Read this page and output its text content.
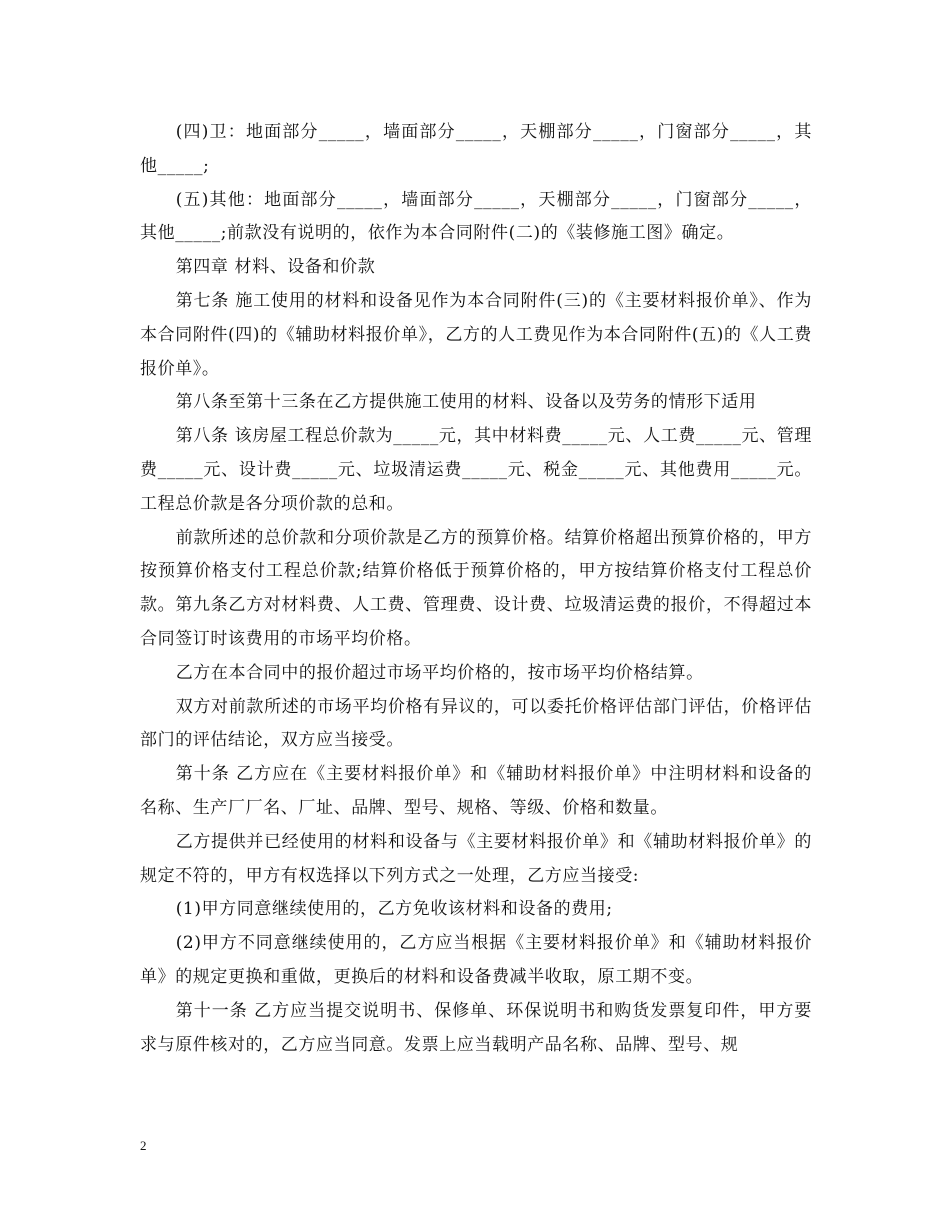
(四)卫：地面部分_____，墙面部分_____，天棚部分_____，门窗部分_____，其他_____;

(五)其他：地面部分_____，墙面部分_____，天棚部分_____，门窗部分_____，其他_____;前款没有说明的，依作为本合同附件(二)的《装修施工图》确定。

第四章 材料、设备和价款

第七条 施工使用的材料和设备见作为本合同附件(三)的《主要材料报价单》、作为本合同附件(四)的《辅助材料报价单》，乙方的人工费见作为本合同附件(五)的《人工费报价单》。

第八条至第十三条在乙方提供施工使用的材料、设备以及劳务的情形下适用

第八条 该房屋工程总价款为_____元，其中材料费_____元、人工费_____元、管理费_____元、设计费_____元、垃圾清运费_____元、税金_____元、其他费用_____元。工程总价款是各分项价款的总和。

前款所述的总价款和分项价款是乙方的预算价格。结算价格超出预算价格的，甲方按预算价格支付工程总价款;结算价格低于预算价格的，甲方按结算价格支付工程总价款。第九条乙方对材料费、人工费、管理费、设计费、垃圾清运费的报价，不得超过本合同签订时该费用的市场平均价格。

乙方在本合同中的报价超过市场平均价格的，按市场平均价格结算。

双方对前款所述的市场平均价格有异议的，可以委托价格评估部门评估，价格评估部门的评估结论，双方应当接受。

第十条 乙方应在《主要材料报价单》和《辅助材料报价单》中注明材料和设备的名称、生产厂厂名、厂址、品牌、型号、规格、等级、价格和数量。

乙方提供并已经使用的材料和设备与《主要材料报价单》和《辅助材料报价单》的规定不符的，甲方有权选择以下列方式之一处理，乙方应当接受:

(1)甲方同意继续使用的，乙方免收该材料和设备的费用;

(2)甲方不同意继续使用的，乙方应当根据《主要材料报价单》和《辅助材料报价单》的规定更换和重做，更换后的材料和设备费减半收取，原工期不变。

第十一条 乙方应当提交说明书、保修单、环保说明书和购货发票复印件，甲方要求与原件核对的，乙方应当同意。发票上应当载明产品名称、品牌、型号、规

2
